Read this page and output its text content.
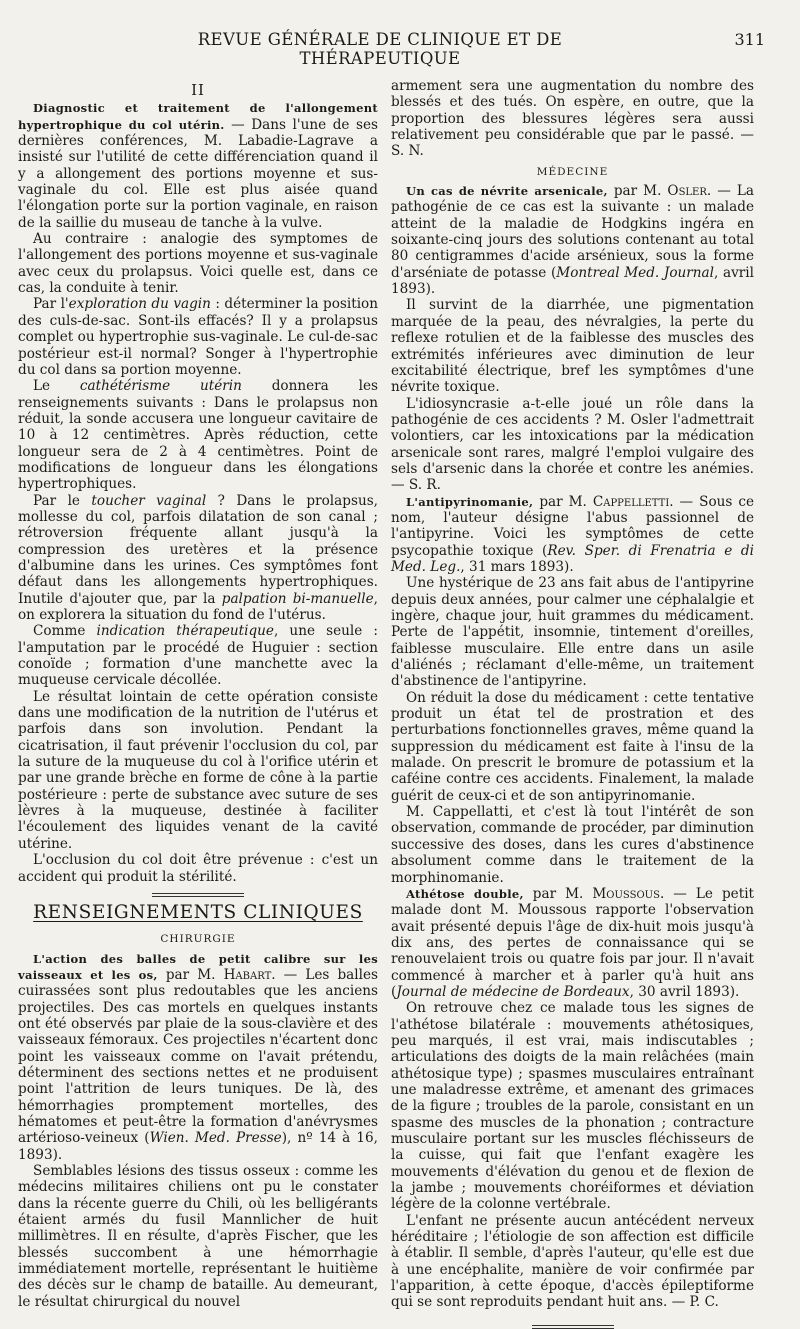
REVUE GÉNÉRALE DE CLINIQUE ET DE THÉRAPEUTIQUE
311
II

Diagnostic et traitement de l'allongement hypertrophique du col utérin. — Dans l'une de ses dernières conférences, M. Labadie-Lagrave a insisté sur l'utilité de cette différenciation quand il y a allongement des portions moyenne et sus-vaginale du col. Elle est plus aisée quand l'élongation porte sur la portion vaginale, en raison de la saillie du museau de tanche à la vulve.

Au contraire : analogie des symptomes de l'allongement des portions moyenne et sus-vaginale avec ceux du prolapsus. Voici quelle est, dans ce cas, la conduite à tenir.

Par l'exploration du vagin : déterminer la position des culs-de-sac. Sont-ils effacés? Il y a prolapsus complet ou hypertrophie sus-vaginale. Le cul-de-sac postérieur est-il normal? Songer à l'hypertrophie du col dans sa portion moyenne.

Le cathétérisme utérin donnera les renseignements suivants : Dans le prolapsus non réduit, la sonde accusera une longueur cavitaire de 10 à 12 centimètres. Après réduction, cette longueur sera de 2 à 4 centimètres. Point de modifications de longueur dans les élongations hypertrophiques.

Par le toucher vaginal ? Dans le prolapsus, mollesse du col, parfois dilatation de son canal ; rétroversion fréquente allant jusqu'à la compression des uretères et la présence d'albumine dans les urines. Ces symptômes font défaut dans les allongements hypertrophiques. Inutile d'ajouter que, par la palpation bi-manuelle, on explorera la situation du fond de l'utérus.

Comme indication thérapeutique, une seule : l'amputation par le procédé de Huguier : section conoïde ; formation d'une manchette avec la muqueuse cervicale décollée.

Le résultat lointain de cette opération consiste dans une modification de la nutrition de l'utérus et parfois dans son involution. Pendant la cicatrisation, il faut prévenir l'occlusion du col, par la suture de la muqueuse du col à l'orifice utérin et par une grande brèche en forme de cône à la partie postérieure : perte de substance avec suture de ses lèvres à la muqueuse, destinée à faciliter l'écoulement des liquides venant de la cavité utérine.

L'occlusion du col doit être prévenue : c'est un accident qui produit la stérilité.

RENSEIGNEMENTS CLINIQUES
CHIRURGIE

L'action des balles de petit calibre sur les vaisseaux et les os, par M. Habart. — Les balles cuirassées sont plus redoutables que les anciens projectiles. Des cas mortels en quelques instants ont été observés par plaie de la sous-clavière et des vaisseaux fémoraux. Ces projectiles n'écartent donc point les vaisseaux comme on l'avait prétendu, déterminent des sections nettes et ne produisent point l'attrition de leurs tuniques. De là, des hémorrhagies promptement mortelles, des hématomes et peut-être la formation d'anévrysmes artérioso-veineux (Wien. Med. Presse), nº 14 à 16, 1893).

Semblables lésions des tissus osseux : comme les médecins militaires chiliens ont pu le constater dans la récente guerre du Chili, où les belligérants étaient armés du fusil Mannlicher de huit millimètres. Il en résulte, d'après Fischer, que les blessés succombent à une hémorrhagie immédiatement mortelle, représentant le huitième des décès sur le champ de bataille. Au demeurant, le résultat chirurgical du nouvel

armement sera une augmentation du nombre des blessés et des tués. On espère, en outre, que la proportion des blessures légères sera aussi relativement peu considérable que par le passé. — S. N.

MÉDECINE

Un cas de névrite arsenicale, par M. Osler. — La pathogénie de ce cas est la suivante : un malade atteint de la maladie de Hodgkins ingéra en soixante-cinq jours des solutions contenant au total 80 centigrammes d'acide arsénieux, sous la forme d'arséniate de potasse (Montreal Med. Journal, avril 1893).

Il survint de la diarrhée, une pigmentation marquée de la peau, des névralgies, la perte du reflexe rotulien et de la faiblesse des muscles des extrémités inférieures avec diminution de leur excitabilité électrique, bref les symptômes d'une névrite toxique.

L'idiosyncrasie a-t-elle joué un rôle dans la pathogénie de ces accidents ? M. Osler l'admettrait volontiers, car les intoxications par la médication arsenicale sont rares, malgré l'emploi vulgaire des sels d'arsenic dans la chorée et contre les anémies. — S. R.

L'antipyrinomanie, par M. Cappelletti. — Sous ce nom, l'auteur désigne l'abus passionnel de l'antipyrine. Voici les symptômes de cette psycopathie toxique (Rev. Sper. di Frenatria e di Med. Leg., 31 mars 1893).

Une hystérique de 23 ans fait abus de l'antipyrine depuis deux années, pour calmer une céphalalgie et ingère, chaque jour, huit grammes du médicament. Perte de l'appétit, insomnie, tintement d'oreilles, faiblesse musculaire. Elle entre dans un asile d'aliénés ; réclamant d'elle-même, un traitement d'abstinence de l'antipyrine.

On réduit la dose du médicament : cette tentative produit un état tel de prostration et des perturbations fonctionnelles graves, même quand la suppression du médicament est faite à l'insu de la malade. On prescrit le bromure de potassium et la caféine contre ces accidents. Finalement, la malade guérit de ceux-ci et de son antipyrinomanie.

M. Cappellatti, et c'est là tout l'intérêt de son observation, commande de procéder, par diminution successive des doses, dans les cures d'abstinence absolument comme dans le traitement de la morphinomanie.

Athétose double, par M. Moussous. — Le petit malade dont M. Moussous rapporte l'observation avait présenté depuis l'âge de dix-huit mois jusqu'à dix ans, des pertes de connaissance qui se renouvelaient trois ou quatre fois par jour. Il n'avait commencé à marcher et à parler qu'à huit ans (Journal de médecine de Bordeaux, 30 avril 1893).

On retrouve chez ce malade tous les signes de l'athétose bilatérale : mouvements athétosiques, peu marqués, il est vrai, mais indiscutables ; articulations des doigts de la main relâchées (main athétosique type) ; spasmes musculaires entraînant une maladresse extrême, et amenant des grimaces de la figure ; troubles de la parole, consistant en un spasme des muscles de la phonation ; contracture musculaire portant sur les muscles fléchisseurs de la cuisse, qui fait que l'enfant exagère les mouvements d'élévation du genou et de flexion de la jambe ; mouvements choréiformes et déviation légère de la colonne vertébrale.

L'enfant ne présente aucun antécédent nerveux héréditaire ; l'étiologie de son affection est difficile à établir. Il semble, d'après l'auteur, qu'elle est due à une encéphalite, manière de voir confirmée par l'apparition, à cette époque, d'accès épileptiforme qui se sont reproduits pendant huit ans. — P. C.
